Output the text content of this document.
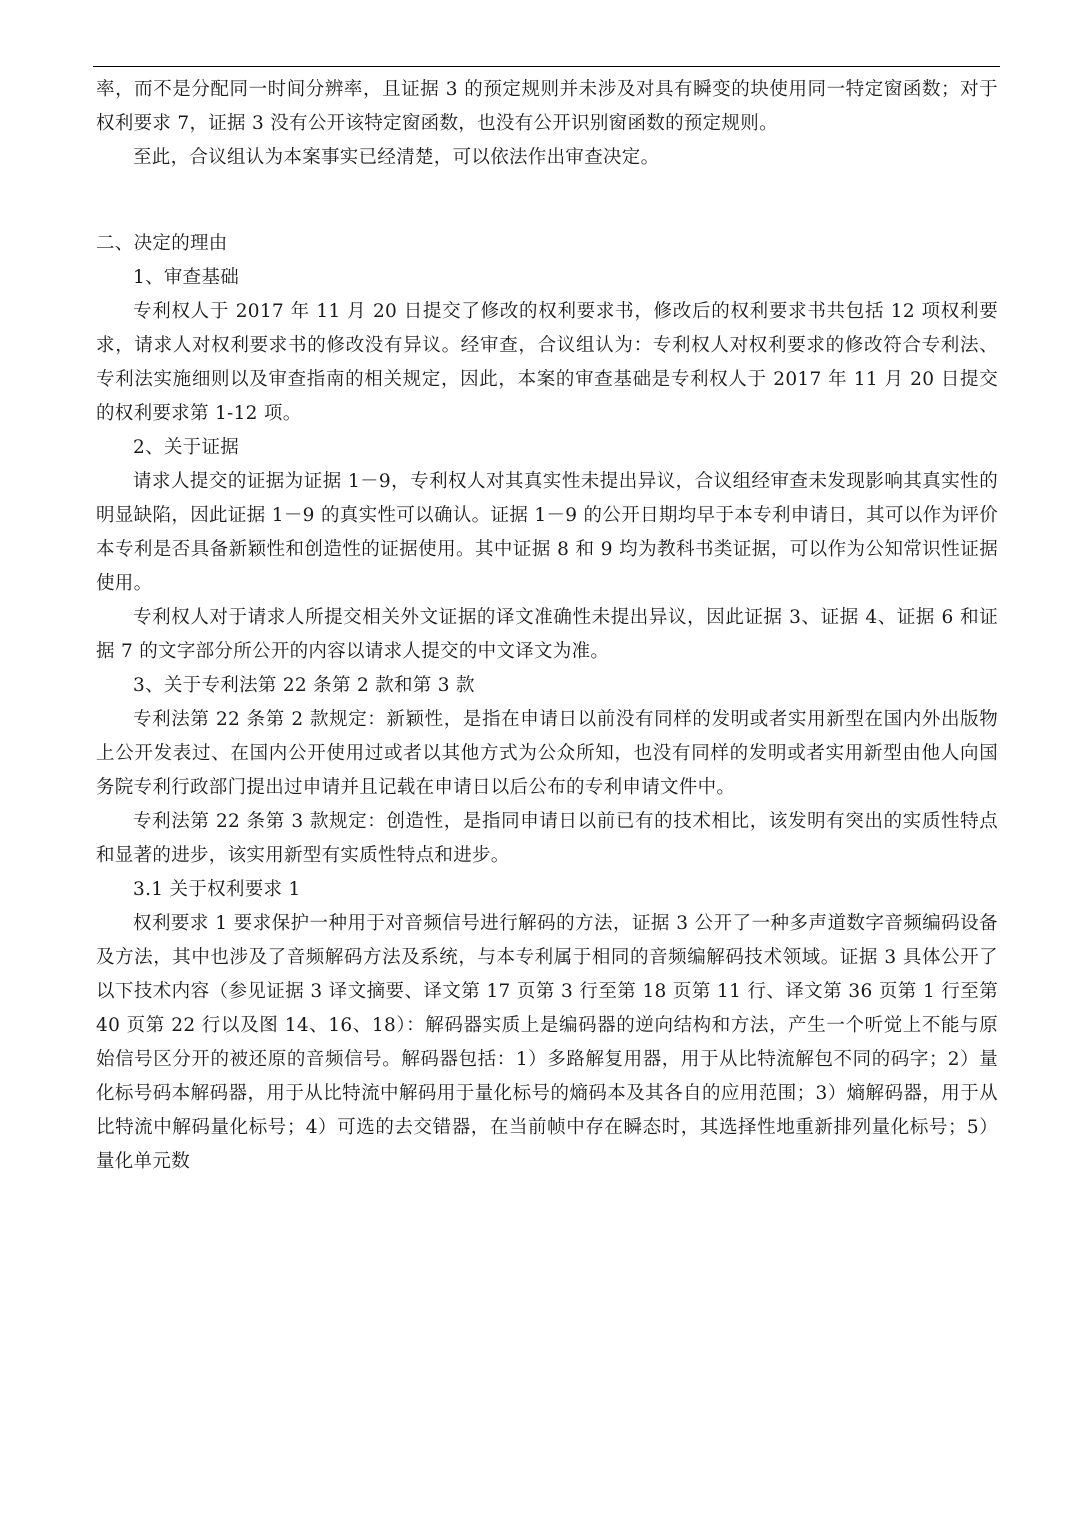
率，而不是分配同一时间分辨率，且证据 3 的预定规则并未涉及对具有瞬变的块使用同一特定窗函数；对于权利要求 7，证据 3 没有公开该特定窗函数，也没有公开识别窗函数的预定规则。

至此，合议组认为本案事实已经清楚，可以依法作出审查决定。

二、决定的理由

1、审查基础

专利权人于 2017 年 11 月 20 日提交了修改的权利要求书，修改后的权利要求书共包括 12 项权利要求，请求人对权利要求书的修改没有异议。经审查，合议组认为：专利权人对权利要求的修改符合专利法、专利法实施细则以及审查指南的相关规定，因此，本案的审查基础是专利权人于 2017 年 11 月 20 日提交的权利要求第 1-12 项。

2、关于证据

请求人提交的证据为证据 1－9，专利权人对其真实性未提出异议，合议组经审查未发现影响其真实性的明显缺陷，因此证据 1－9 的真实性可以确认。证据 1－9 的公开日期均早于本专利申请日，其可以作为评价本专利是否具备新颖性和创造性的证据使用。其中证据 8 和 9 均为教科书类证据，可以作为公知常识性证据使用。

专利权人对于请求人所提交相关外文证据的译文准确性未提出异议，因此证据 3、证据 4、证据 6 和证据 7 的文字部分所公开的内容以请求人提交的中文译文为准。

3、关于专利法第 22 条第 2 款和第 3 款

专利法第 22 条第 2 款规定：新颖性，是指在申请日以前没有同样的发明或者实用新型在国内外出版物上公开发表过、在国内公开使用过或者以其他方式为公众所知，也没有同样的发明或者实用新型由他人向国务院专利行政部门提出过申请并且记载在申请日以后公布的专利申请文件中。

专利法第 22 条第 3 款规定：创造性，是指同申请日以前已有的技术相比，该发明有突出的实质性特点和显著的进步，该实用新型有实质性特点和进步。

3.1 关于权利要求 1

权利要求 1 要求保护一种用于对音频信号进行解码的方法，证据 3 公开了一种多声道数字音频编码设备及方法，其中也涉及了音频解码方法及系统，与本专利属于相同的音频编解码技术领域。证据 3 具体公开了以下技术内容（参见证据 3 译文摘要、译文第 17 页第 3 行至第 18 页第 11 行、译文第 36 页第 1 行至第 40 页第 22 行以及图 14、16、18）：解码器实质上是编码器的逆向结构和方法，产生一个听觉上不能与原始信号区分开的被还原的音频信号。解码器包括：1）多路解复用器，用于从比特流解包不同的码字；2）量化标号码本解码器，用于从比特流中解码用于量化标号的熵码本及其各自的应用范围；3）熵解码器，用于从比特流中解码量化标号；4）可选的去交错器，在当前帧中存在瞬态时，其选择性地重新排列量化标号；5）量化单元数
